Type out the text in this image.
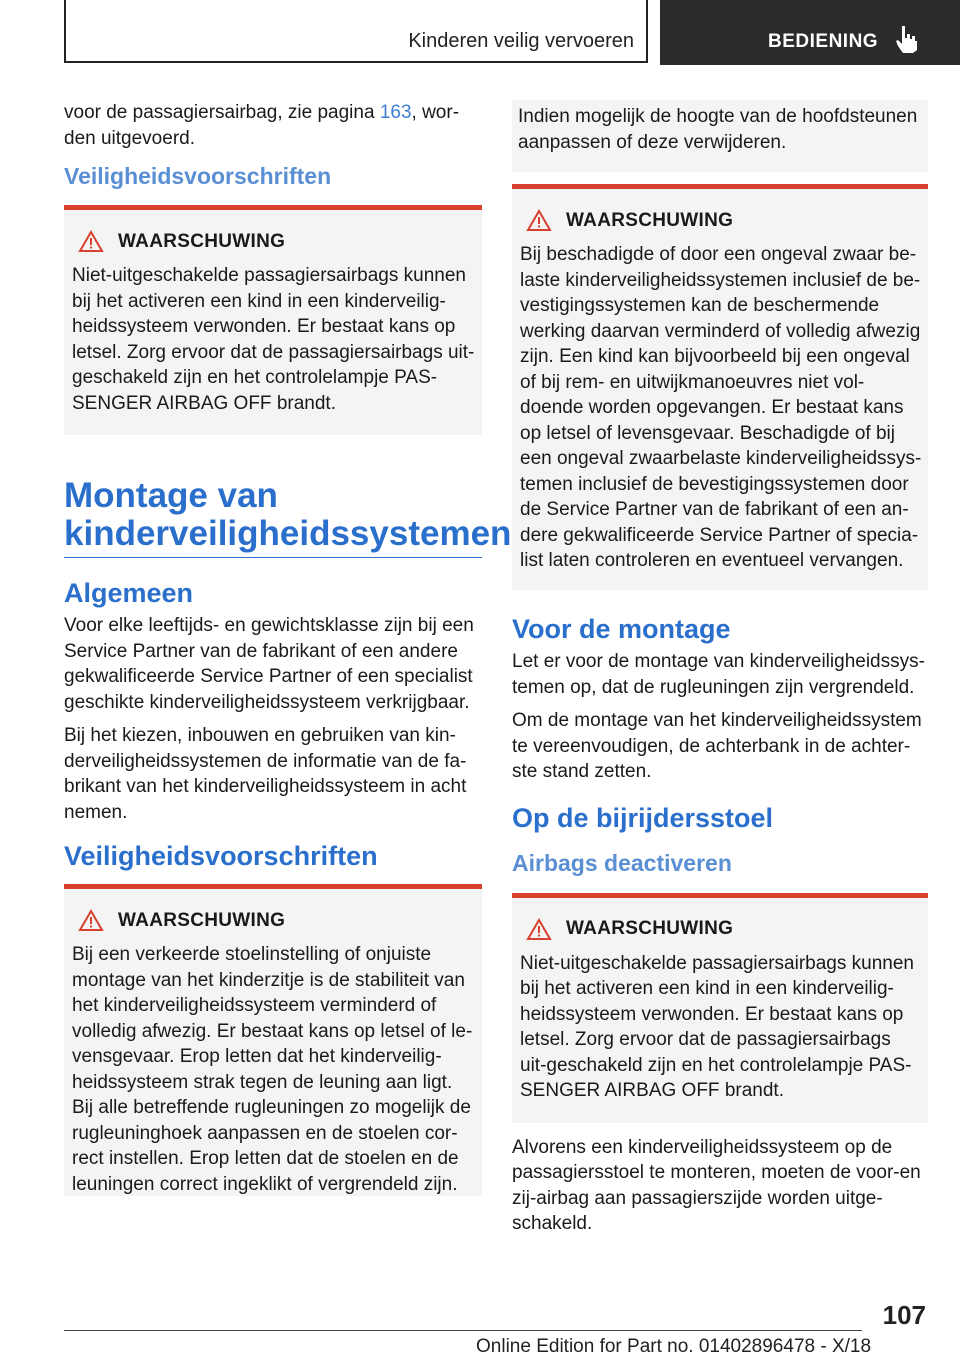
Kinderen veilig vervoeren	BEDIENING

voor de passagiersairbag, zie pagina 163, wor-den uitgevoerd.

Veiligheidsvoorschriften
WAARSCHUWING

Niet-uitgeschakelde passagiersairbags kunnen bij het activeren een kind in een kinderveilig-heidssysteem verwonden. Er bestaat kans op letsel. Zorg ervoor dat de passagiersairbags uit-geschakeld zijn en het controlelampje PAS-SENGER AIRBAG OFF brandt.

Montage van kinderveiligheidssystemen
Algemeen

Voor elke leeftijds- en gewichtsklasse zijn bij een Service Partner van de fabrikant of een andere gekwalificeerde Service Partner of een specialist geschikte kinderveiligheidssysteem verkrijgbaar.

Bij het kiezen, inbouwen en gebruiken van kin-derveiligheidssystemen de informatie van de fa-brikant van het kinderveiligheidssysteem in acht nemen.

Veiligheidsvoorschriften
WAARSCHUWING

Bij een verkeerde stoelinstelling of onjuiste montage van het kinderzitje is de stabiliteit van het kinderveiligheidssysteem verminderd of volledig afwezig. Er bestaat kans op letsel of le-vensgevaar. Erop letten dat het kinderveilig-heidssysteem strak tegen de leuning aan ligt. Bij alle betreffende rugleuningen zo mogelijk de rugleuninghoek aanpassen en de stoelen cor-rect instellen. Erop letten dat de stoelen en de leuningen correct ingeklikt of vergrendeld zijn.

Indien mogelijk de hoogte van de hoofdsteunen aanpassen of deze verwijderen.

WAARSCHUWING

Bij beschadigde of door een ongeval zwaar be-laste kinderveiligheidssystemen inclusief de be-vestigingssystemen kan de beschermende werking daarvan verminderd of volledig afwezig zijn. Een kind kan bijvoorbeeld bij een ongeval of bij rem- en uitwijkmanoeuvres niet vol-doende worden opgevangen. Er bestaat kans op letsel of levensgevaar. Beschadigde of bij een ongeval zwaarbelaste kinderveiligheidssys-temen inclusief de bevestigingssystemen door de Service Partner van de fabrikant of een an-dere gekwalificeerde Service Partner of specia-list laten controleren en eventueel vervangen.

Voor de montage

Let er voor de montage van kinderveiligheidssys-temen op, dat de rugleuningen zijn vergrendeld.

Om de montage van het kinderveiligheidssystem te vereenvoudigen, de achterbank in de achter-ste stand zetten.

Op de bijrijdersstoel
Airbags deactiveren
WAARSCHUWING

Niet-uitgeschakelde passagiersairbags kunnen bij het activeren een kind in een kinderveilig-heidssysteem verwonden. Er bestaat kans op letsel. Zorg ervoor dat de passagiersairbags uit-geschakeld zijn en het controlelampje PAS-SENGER AIRBAG OFF brandt.

Alvorens een kinderveiligheidssysteem op de passagiersstoel te monteren, moeten de voor-en zij-airbag aan passagierszijde worden uitge-schakeld.

107
Online Edition for Part no. 01402896478 - X/18
